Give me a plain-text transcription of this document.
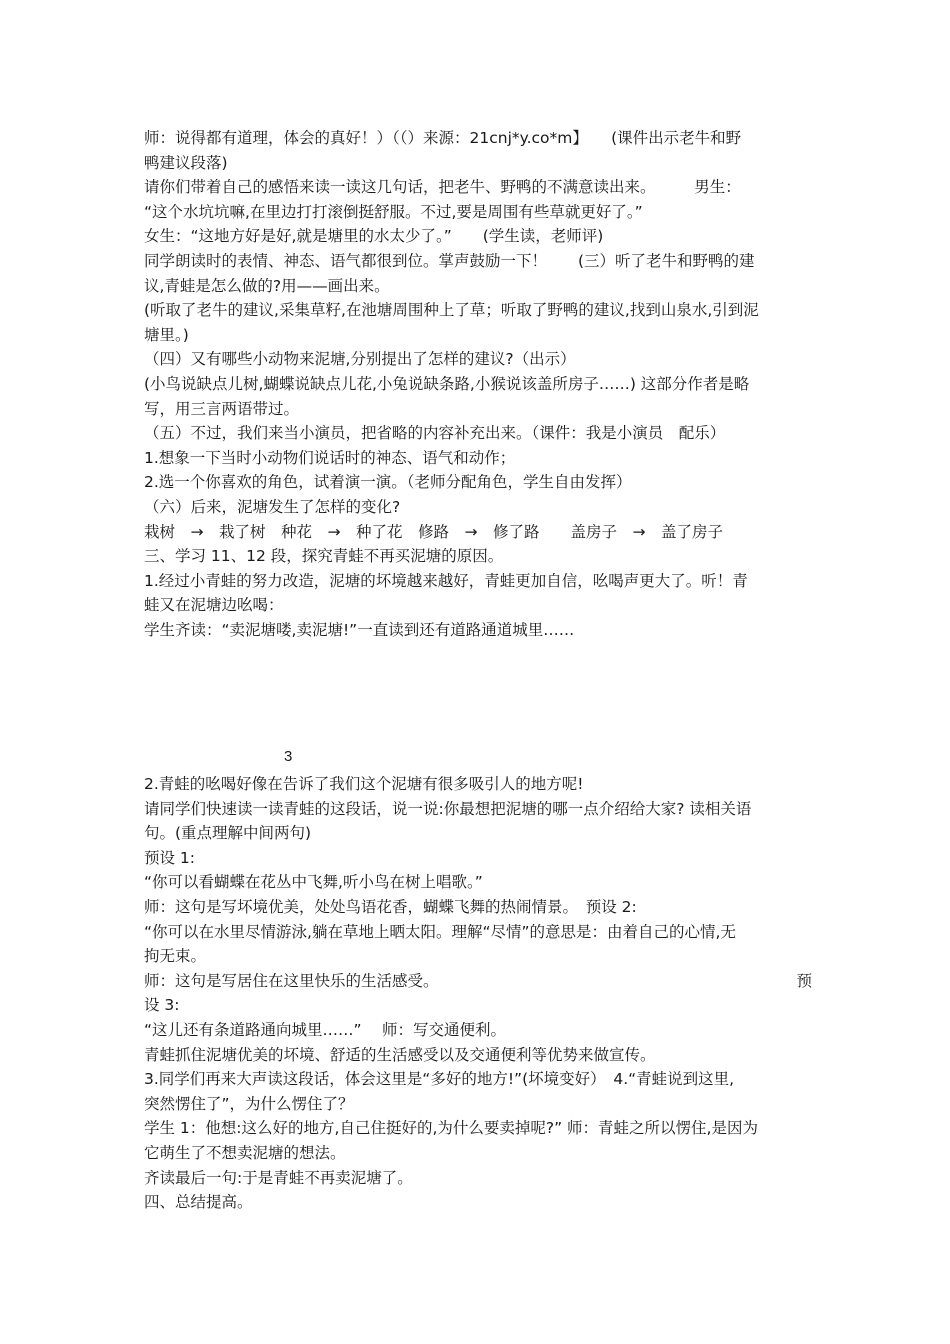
师：说得都有道理，体会的真好！）（（）来源：21cnj*y.co*m】　　(课件出示老牛和野

鸭建议段落)

请你们带着自己的感悟来读一读这几句话，把老牛、野鸭的不满意读出来。　　　男生：

“这个水坑坑嘛,在里边打打滚倒挺舒服。不过,要是周围有些草就更好了。”

女生：“这地方好是好,就是塘里的水太少了。”　　(学生读，老师评)

同学朗读时的表情、神态、语气都很到位。掌声鼓励一下！　　(三）听了老牛和野鸭的建

议,青蛙是怎么做的?用——画出来。

(听取了老牛的建议,采集草籽,在池塘周围种上了草；听取了野鸭的建议,找到山泉水,引到泥

塘里。)

（四）又有哪些小动物来泥塘,分别提出了怎样的建议?（出示）

(小鸟说缺点儿树,蝴蝶说缺点儿花,小兔说缺条路,小猴说该盖所房子……) 这部分作者是略

写，用三言两语带过。

（五）不过，我们来当小演员，把省略的内容补充出来。（课件：我是小演员　配乐）

1.想象一下当时小动物们说话时的神态、语气和动作；

2.选一个你喜欢的角色，试着演一演。（老师分配角色，学生自由发挥）

（六）后来，泥塘发生了怎样的变化?

栽树　→　栽了树　种花　→　种了花　修路　→　修了路　　盖房子　→　盖了房子

三、学习 11、12 段，探究青蛙不再买泥塘的原因。

1.经过小青蛙的努力改造，泥塘的坏境越来越好，青蛙更加自信，吆喝声更大了。听！青

蛙又在泥塘边吆喝：

学生齐读：“卖泥塘喽,卖泥塘!”一直读到还有道路通道城里……

3

2.青蛙的吆喝好像在告诉了我们这个泥塘有很多吸引人的地方呢!

请同学们快速读一读青蛙的这段话，说一说:你最想把泥塘的哪一点介绍给大家? 读相关语

句。(重点理解中间两句)

预设 1:

“你可以看蝴蝶在花丛中飞舞,听小鸟在树上唱歌。”

师：这句是写坏境优美，处处鸟语花香，蝴蝶飞舞的热闹情景。　预设 2:

“你可以在水里尽情游泳,躺在草地上晒太阳。理解“尽情”的意思是：由着自己的心情,无

拘无束。

师：这句是写居住在这里快乐的生活感受。	预

设 3:

“这儿还有条道路通向城里……”　 师：写交通便利。

青蛙抓住泥塘优美的坏境、舒适的生活感受以及交通便利等优势来做宣传。

3.同学们再来大声读这段话，体会这里是“多好的地方!”(坏境变好）　4.“青蛙说到这里,

突然愣住了”，为什么愣住了？

学生 1：他想:这么好的地方,自己住挺好的,为什么要卖掉呢?” 师：青蛙之所以愣住,是因为

它萌生了不想卖泥塘的想法。

齐读最后一句:于是青蛙不再卖泥塘了。

四、总结提高。
